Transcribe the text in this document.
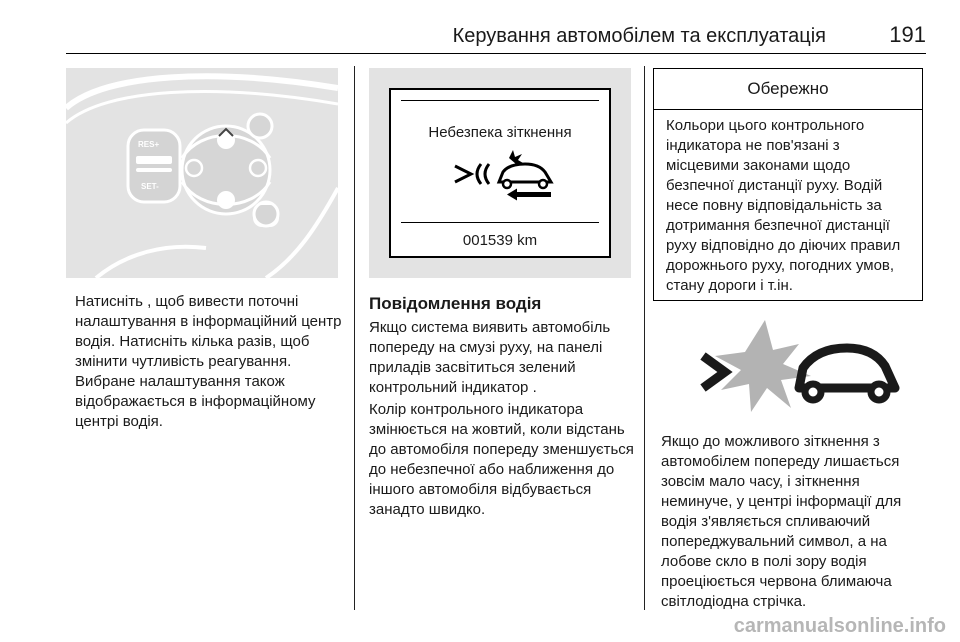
Керування автомобілем та експлуатація	191
RES+
SET-

Натисніть , щоб вивести поточні налаштування в інформаційний центр водія. Натисніть кілька разів, щоб змінити чутливість реагування. Вибране налаштування також відображається в інформаційному центрі водія.

Небезпека зіткнення
001539 km
Повідомлення водія

Якщо система виявить автомобіль попереду на смузі руху, на панелі приладів засвітиться зелений контрольний індикатор .

Колір контрольного індикатора змінюється на жовтий, коли відстань до автомобіля попереду зменшується до небезпечної або наближення до іншого автомобіля відбувається занадто швидко.

Обережно
Кольори цього контрольного індикатора не пов'язані з місцевими законами щодо безпечної дистанції руху. Водій несе повну відповідальність за дотримання безпечної дистанції руху відповідно до діючих правил дорожнього руху, погодних умов, стану дороги і т.ін.

Якщо до можливого зіткнення з автомобілем попереду лишається зовсім мало часу, і зіткнення неминуче, у центрі інформації для водія з'являється спливаючий попереджувальний символ, а на лобове скло в полі зору водія проеціюється червона блимаюча світлодіодна стрічка.

carmanualsonline.info
